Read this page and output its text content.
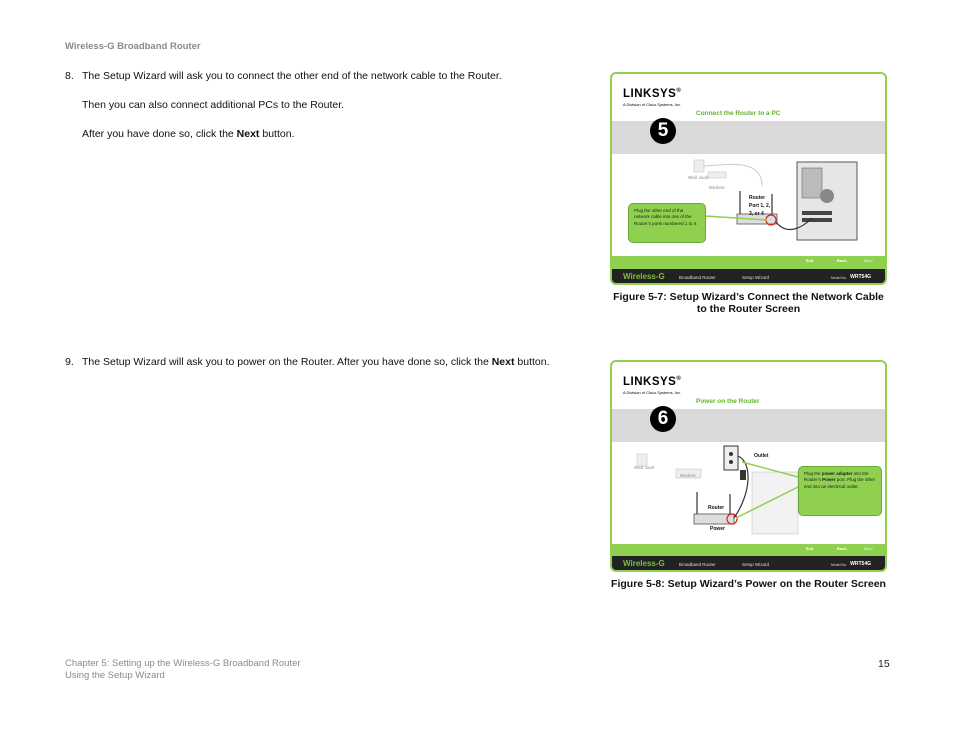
Wireless-G Broadband Router
8. The Setup Wizard will ask you to connect the other end of the network cable to the Router.
Then you can also connect additional PCs to the Router.
After you have done so, click the Next button.
9. The Setup Wizard will ask you to power on the Router. After you have done so, click the Next button.
LINKSYS®
A Division of Cisco Systems, Inc.
Connect the Router to a PC
5
Wall Jack
Modem
Router
Port 1, 2,
3, or 4
Plug the other end of the network cable into one of the Router’s ports numbered 1 to 4.
Exit	Back	Next
Wireless-G	Broadband Router	Setup Wizard	Model No. WRT54G
Figure 5-7: Setup Wizard’s Connect the Network Cable
to the Router Screen
LINKSYS®
A Division of Cisco Systems, Inc.
Power on the Router
6
Wall Jack
Modem
Outlet
Router
Power
Plug the power adapter into the Router’s Power port. Plug the other end into an electrical outlet.
Exit	Back	Next
Wireless-G	Broadband Router	Setup Wizard	Model No. WRT54G
Figure 5-8: Setup Wizard’s Power on the Router Screen
Chapter 5: Setting up the Wireless-G Broadband Router
Using the Setup Wizard
15
